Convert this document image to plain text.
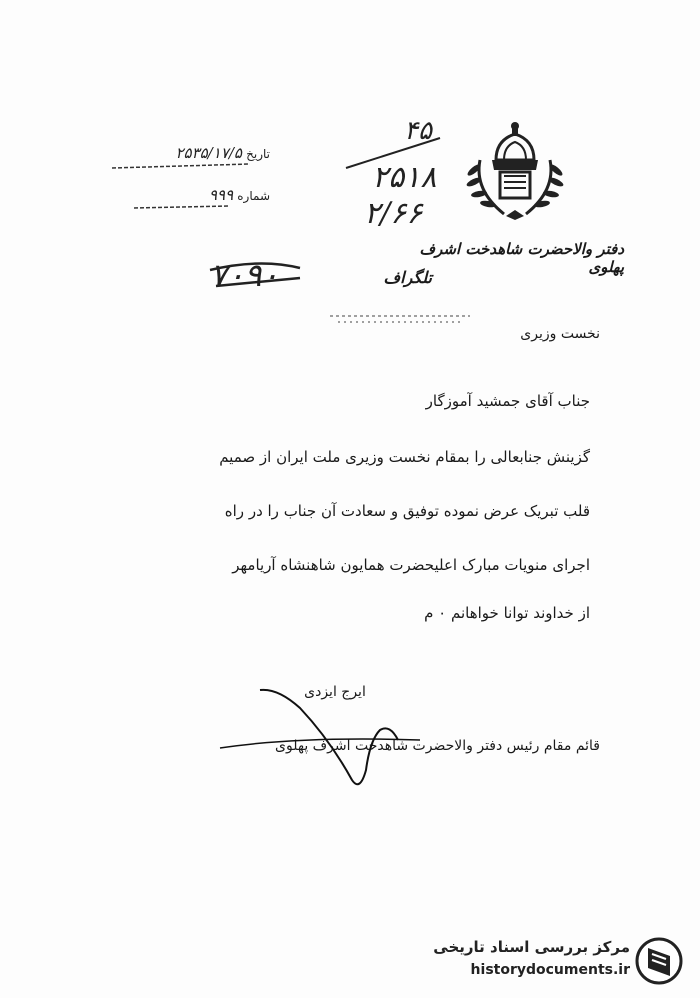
۴۵
۲۵۱۸
۲/۶۶
تاریخ ۲۵۳۵/۱۷/۵
شماره ۹۹۹
۷۰۹۰
دفتر والاحضرت شاهدخت اشرف پهلوی
تلگراف
نخست وزیری
جناب آقای جمشید آموزگار
گزینش جنابعالی را بمقام نخست وزیری ملت ایران از صمیم
قلب تبریک عرض نموده توفیق و سعادت آن جناب را در راه
اجرای منویات مبارک اعلیحضرت همایون شاهنشاه آریامهر
از خداوند توانا خواهانم ۰ م
ایرج ایزدی
قائم مقام رئیس دفتر والاحضرت شاهدخت اشرف پهلوی
مرکز بررسی اسناد تاریخی
historydocuments.ir
